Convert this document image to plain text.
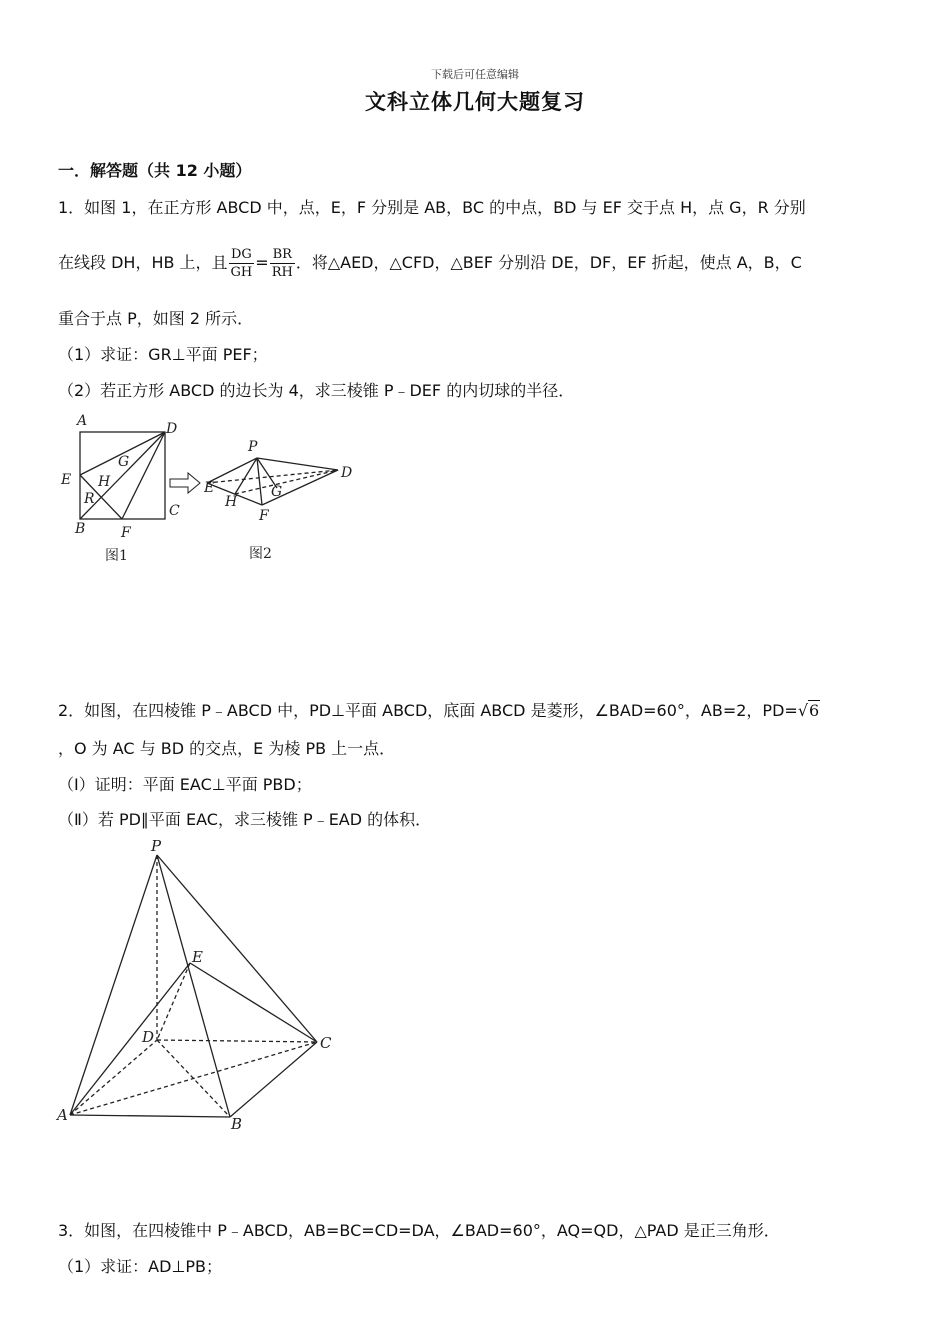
下载后可任意编辑
文科立体几何大题复习
一．解答题（共 12 小题）
1．如图 1，在正方形 ABCD 中，点，E，F 分别是 AB，BC 的中点，BD 与 EF 交于点 H，点 G，R 分别
在线段 DH，HB 上，且 $\frac{DG}{GH} = \frac{BR}{RH}$ ．将△AED，△CFD，△BEF 分别沿 DE，DF，EF 折起，使点 A，B，C
重合于点 P，如图 2 所示．
（1）求证：GR⊥平面 PEF；
（2）若正方形 ABCD 的边长为 4，求三棱锥 P﹣DEF 的内切球的半径．
A	D
E
G
H
R
B	F
C
P
E
D
H
G
F
图1	图2
2．如图，在四棱锥 P﹣ABCD 中，PD⊥平面 ABCD，底面 ABCD 是菱形，∠BAD=60°，AB=2，PD=√6
，O 为 AC 与 BD 的交点，E 为棱 PB 上一点．
（Ⅰ）证明：平面 EAC⊥平面 PBD；
（Ⅱ）若 PD∥平面 EAC，求三棱锥 P﹣EAD 的体积．
P
E
D	C
A	B
3．如图，在四棱锥中 P﹣ABCD，AB=BC=CD=DA，∠BAD=60°，AQ=QD，△PAD 是正三角形．
（1）求证：AD⊥PB；
